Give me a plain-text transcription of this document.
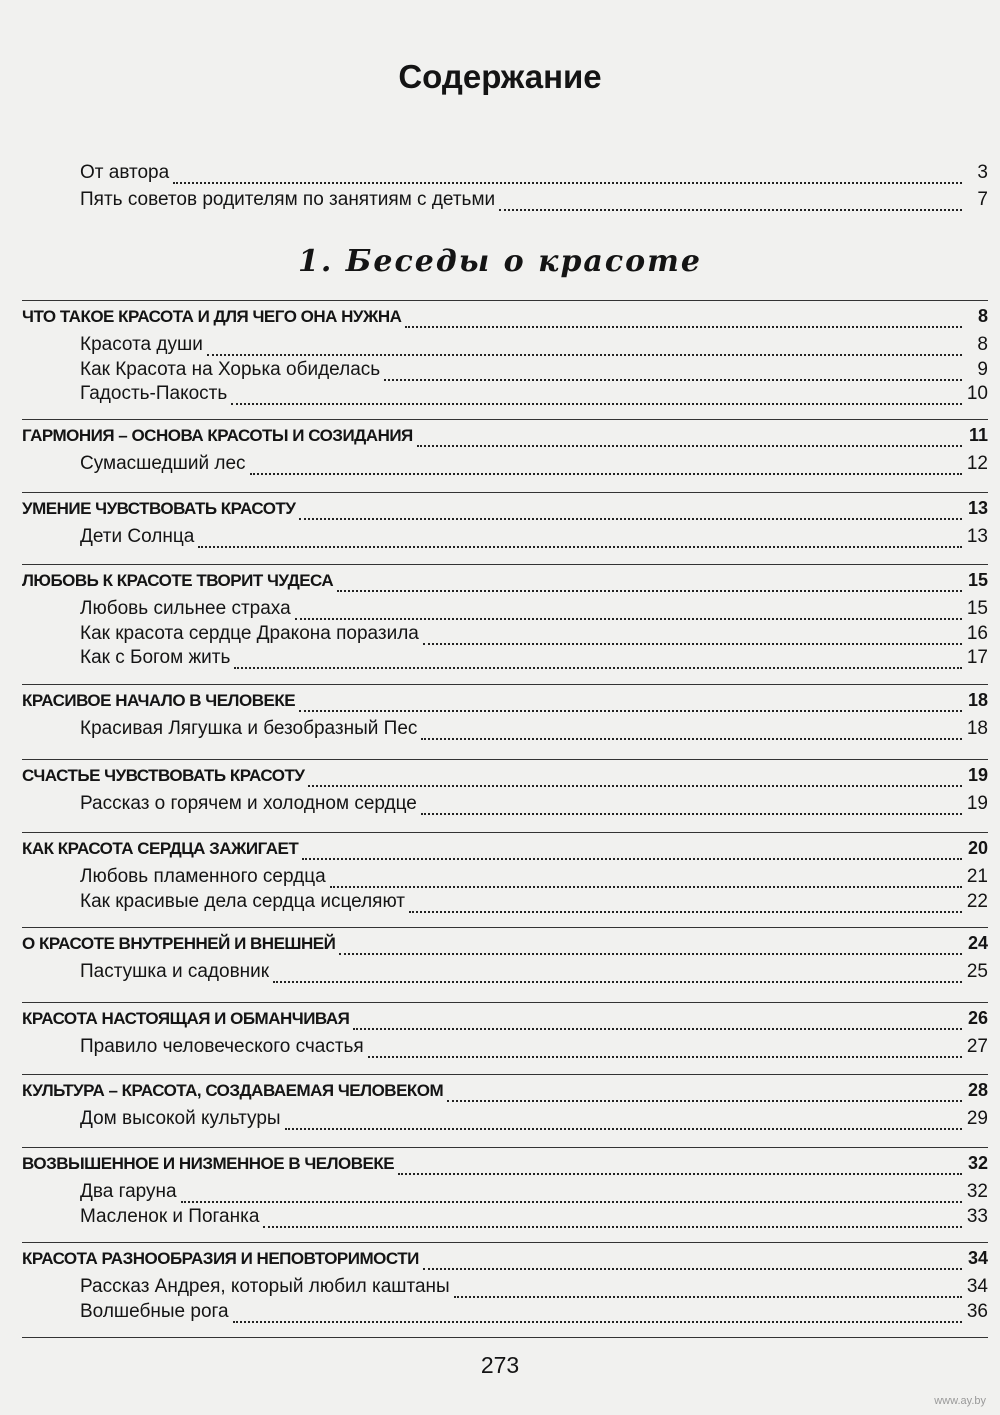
Содержание
От автора	3
Пять советов родителям по занятиям с детьми	7
1. Беседы о красоте
ЧТО ТАКОЕ КРАСОТА И ДЛЯ ЧЕГО ОНА НУЖНА	8
Красота души	8
Как Красота на Хорька обиделась	9
Гадость-Пакость	10
ГАРМОНИЯ – ОСНОВА КРАСОТЫ И СОЗИДАНИЯ	11
Сумасшедший лес	12
УМЕНИЕ ЧУВСТВОВАТЬ КРАСОТУ	13
Дети Солнца	13
ЛЮБОВЬ К КРАСОТЕ ТВОРИТ ЧУДЕСА	15
Любовь сильнее страха	15
Как красота сердце Дракона поразила	16
Как с Богом жить	17
КРАСИВОЕ НАЧАЛО В ЧЕЛОВЕКЕ	18
Красивая Лягушка и безобразный Пес	18
СЧАСТЬЕ ЧУВСТВОВАТЬ КРАСОТУ	19
Рассказ о горячем и холодном сердце	19
КАК КРАСОТА СЕРДЦА ЗАЖИГАЕТ	20
Любовь пламенного сердца	21
Как красивые дела сердца исцеляют	22
О КРАСОТЕ ВНУТРЕННЕЙ И ВНЕШНЕЙ	24
Пастушка и садовник	25
КРАСОТА НАСТОЯЩАЯ И ОБМАНЧИВАЯ	26
Правило человеческого счастья	27
КУЛЬТУРА – КРАСОТА, СОЗДАВАЕМАЯ ЧЕЛОВЕКОМ	28
Дом высокой культуры	29
ВОЗВЫШЕННОЕ И НИЗМЕННОЕ В ЧЕЛОВЕКЕ	32
Два гаруна	32
Масленок и Поганка	33
КРАСОТА РАЗНООБРАЗИЯ И НЕПОВТОРИМОСТИ	34
Рассказ Андрея, который любил каштаны	34
Волшебные рога	36
273
www.ay.by
